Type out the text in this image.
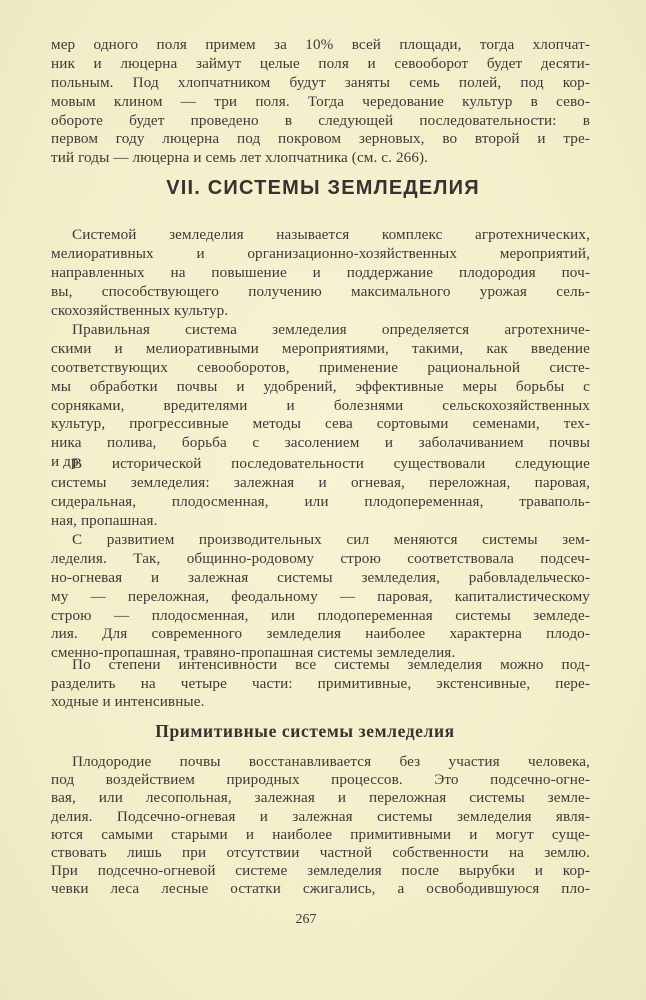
VII. СИСТЕМЫ ЗЕМЛЕДЕЛИЯ
Примитивные системы земледелия
267
мер одного поля примем за 10% всей площади, тогда хлопчат-
ник и люцерна займут целые поля и севооборот будет десяти-
польным. Под хлопчатником будут заняты семь полей, под кор-
мовым клином — три поля. Тогда чередование культур в сево-
обороте будет проведено в следующей последовательности: в
первом году люцерна под покровом зерновых, во второй и тре-
тий годы — люцерна и семь лет хлопчатника (см. с. 266).
Системой земледелия называется комплекс агротехнических,
мелиоративных и организационно-хозяйственных мероприятий,
направленных на повышение и поддержание плодородия поч-
вы, способствующего получению максимального урожая сель-
скохозяйственных культур.
Правильная система земледелия определяется агротехниче-
скими и мелиоративными мероприятиями, такими, как введение
соответствующих севооборотов, применение рациональной систе-
мы обработки почвы и удобрений, эффективные меры борьбы с
сорняками, вредителями и болезнями сельскохозяйственных
культур, прогрессивные методы сева сортовыми семенами, тех-
ника полива, борьба с засолением и заболачиванием почвы
и др.
В исторической последовательности существовали следующие
системы земледелия: залежная и огневая, переложная, паровая,
сидеральная, плодосменная, или плодопеременная, траваполь-
ная, пропашная.
С развитием производительных сил меняются системы зем-
леделия. Так, общинно-родовому строю соответствовала подсеч-
но-огневая и залежная системы земледелия, рабовладельческо-
му — переложная, феодальному — паровая, капиталистическому
строю — плодосменная, или плодопеременная системы земледе-
лия. Для современного земледелия наиболее характерна плодо-
сменно-пропашная, травяно-пропашная системы земледелия.
По степени интенсивности все системы земледелия можно под-
разделить на четыре части: примитивные, экстенсивные, пере-
ходные и интенсивные.
Плодородие почвы восстанавливается без участия человека,
под воздействием природных процессов. Это подсечно-огне-
вая, или лесопольная, залежная и переложная системы земле-
делия. Подсечно-огневая и залежная системы земледелия явля-
ются самыми старыми и наиболее примитивными и могут суще-
ствовать лишь при отсутствии частной собственности на землю.
При подсечно-огневой системе земледелия после вырубки и кор-
чевки леса лесные остатки сжигались, а освободившуюся пло-
